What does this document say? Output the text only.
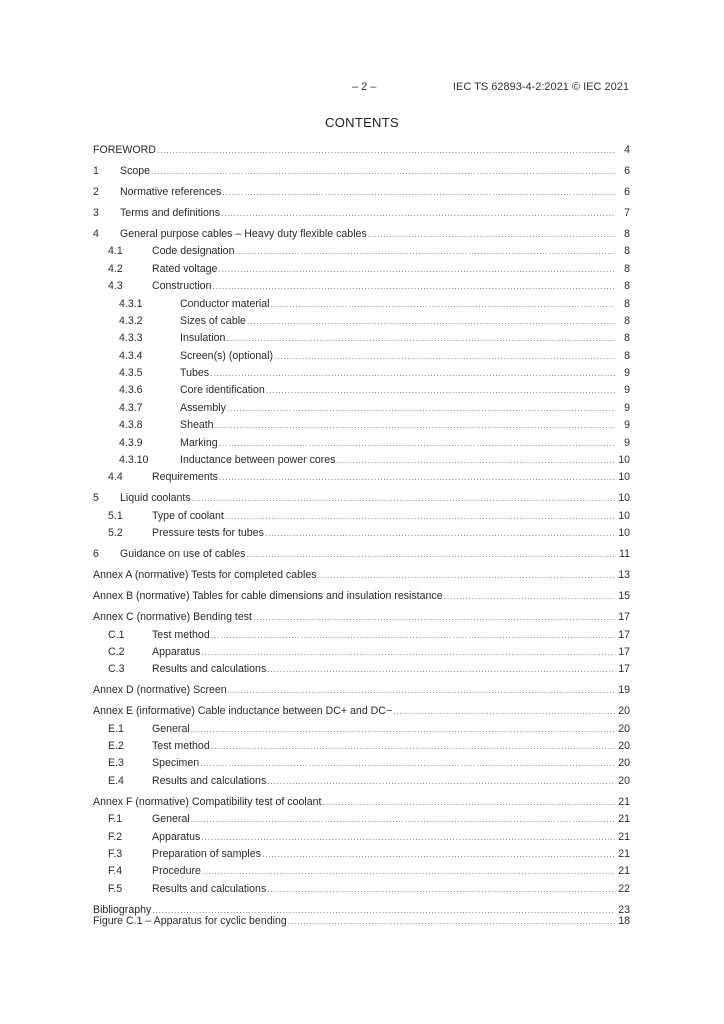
– 2 –	IEC TS 62893-4-2:2021 © IEC 2021
CONTENTS
FOREWORD .....	4
1	Scope .....	6
2	Normative references .....	6
3	Terms and definitions .....	7
4	General purpose cables – Heavy duty flexible cables .....	8
4.1	Code designation .....	8
4.2	Rated voltage .....	8
4.3	Construction .....	8
4.3.1	Conductor material .....	8
4.3.2	Sizes of cable .....	8
4.3.3	Insulation .....	8
4.3.4	Screen(s) (optional) .....	8
4.3.5	Tubes .....	9
4.3.6	Core identification .....	9
4.3.7	Assembly .....	9
4.3.8	Sheath .....	9
4.3.9	Marking .....	9
4.3.10	Inductance between power cores .....	10
4.4	Requirements .....	10
5	Liquid coolants .....	10
5.1	Type of coolant .....	10
5.2	Pressure tests for tubes .....	10
6	Guidance on use of cables .....	11
Annex A (normative) Tests for completed cables .....	13
Annex B (normative) Tables for cable dimensions and insulation resistance .....	15
Annex C (normative) Bending test .....	17
C.1	Test method .....	17
C.2	Apparatus .....	17
C.3	Results and calculations .....	17
Annex D (normative) Screen .....	19
Annex E (informative) Cable inductance between DC+ and DC− .....	20
E.1	General .....	20
E.2	Test method .....	20
E.3	Specimen .....	20
E.4	Results and calculations .....	20
Annex F (normative) Compatibility test of coolant .....	21
F.1	General .....	21
F.2	Apparatus .....	21
F.3	Preparation of samples .....	21
F.4	Procedure .....	21
F.5	Results and calculations .....	22
Bibliography .....	23
Figure C.1 – Apparatus for cyclic bending .....	18
